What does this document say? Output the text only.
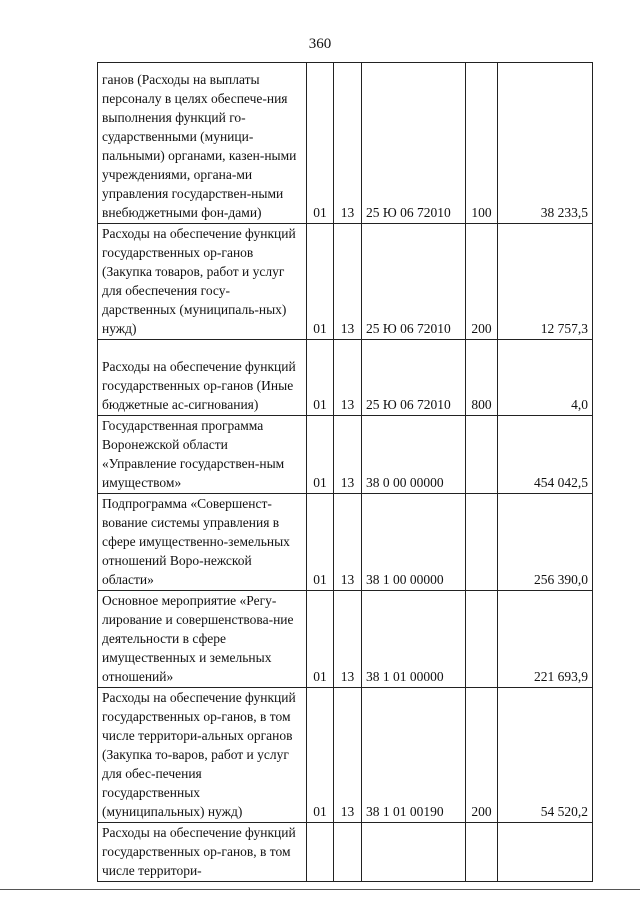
360
ганов (Расходы на выплаты персоналу в целях обеспече-ния выполнения функций го-сударственными (муници-пальными) органами, казен-ными учреждениями, органа-ми управления государствен-ными внебюджетными фон-дами)	01	13	25 Ю 06 72010	100	38 233,5
Расходы на обеспечение функций государственных ор-ганов (Закупка товаров, работ и услуг для обеспечения госу-дарственных (муниципаль-ных) нужд)	01	13	25 Ю 06 72010	200	12 757,3
Расходы на обеспечение функций государственных ор-ганов (Иные бюджетные ас-сигнования)	01	13	25 Ю 06 72010	800	4,0
Государственная программа Воронежской области «Управление государствен-ным имуществом»	01	13	38 0 00 00000		454 042,5
Подпрограмма «Совершенст-вование системы управления в сфере имущественно-земельных отношений Воро-нежской области»	01	13	38 1 00 00000		256 390,0
Основное мероприятие «Регу-лирование и совершенствова-ние деятельности в сфере имущественных и земельных отношений»	01	13	38 1 01 00000		221 693,9
Расходы на обеспечение функций государственных ор-ганов, в том числе территори-альных органов (Закупка то-варов, работ и услуг для обес-печения государственных (муниципальных) нужд)	01	13	38 1 01 00190	200	54 520,2
Расходы на обеспечение функций государственных ор-ганов, в том числе территори-					
